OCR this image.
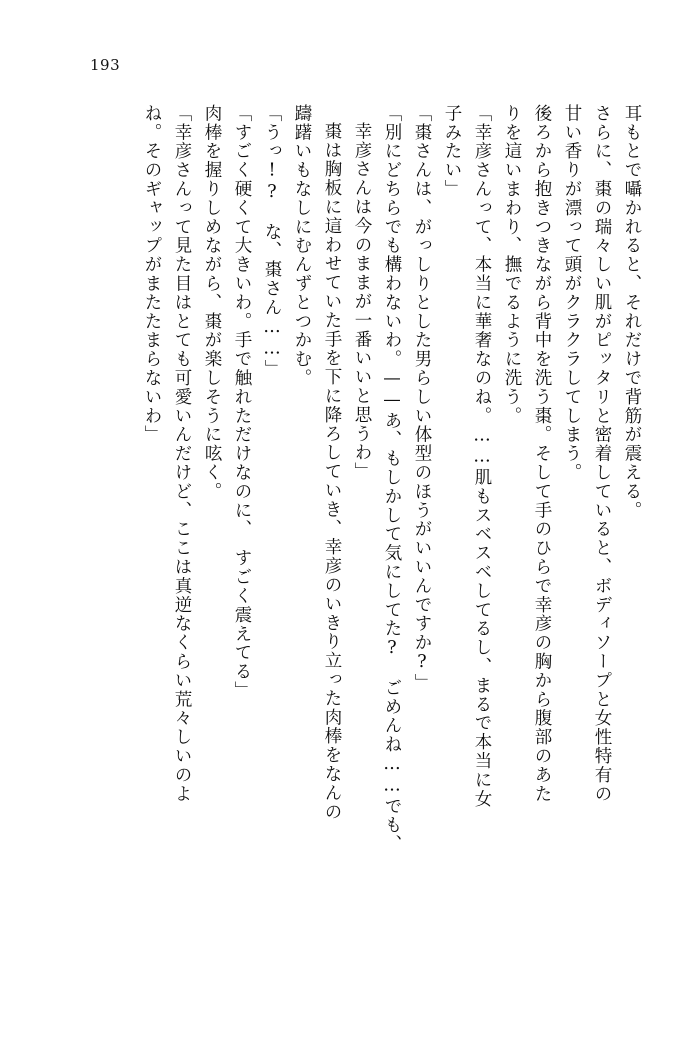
193
耳もとで囁かれると、それだけで背筋が震える。
さらに、棗の瑞々しい肌がピッタリと密着していると、ボディソープと女性特有の
甘い香りが漂って頭がクラクラしてしまう。
後ろから抱きつきながら背中を洗う棗。そして手のひらで幸彦の胸から腹部のあた
りを這いまわり、撫でるように洗う。
「幸彦さんって、本当に華奢なのね。……肌もスベスベしてるし、まるで本当に女
子みたい」
「棗さんは、がっしりとした男らしい体型のほうがいいんですか?」
「別にどちらでも構わないわ。——あ、もしかして気にしてた?　ごめんね……でも、
幸彦さんは今のままが一番いいと思うわ」
棗は胸板に這わせていた手を下に降ろしていき、幸彦のいきり立った肉棒をなんの
躊躇いもなしにむんずとつかむ。
「うっ!?　な、棗さん……」
「すごく硬くて大きいわ。手で触れただけなのに、　すごく震えてる」
肉棒を握りしめながら、棗が楽しそうに呟く。
「幸彦さんって見た目はとても可愛いんだけど、ここは真逆なくらい荒々しいのよ
ね。そのギャップがまたたまらないわ」
